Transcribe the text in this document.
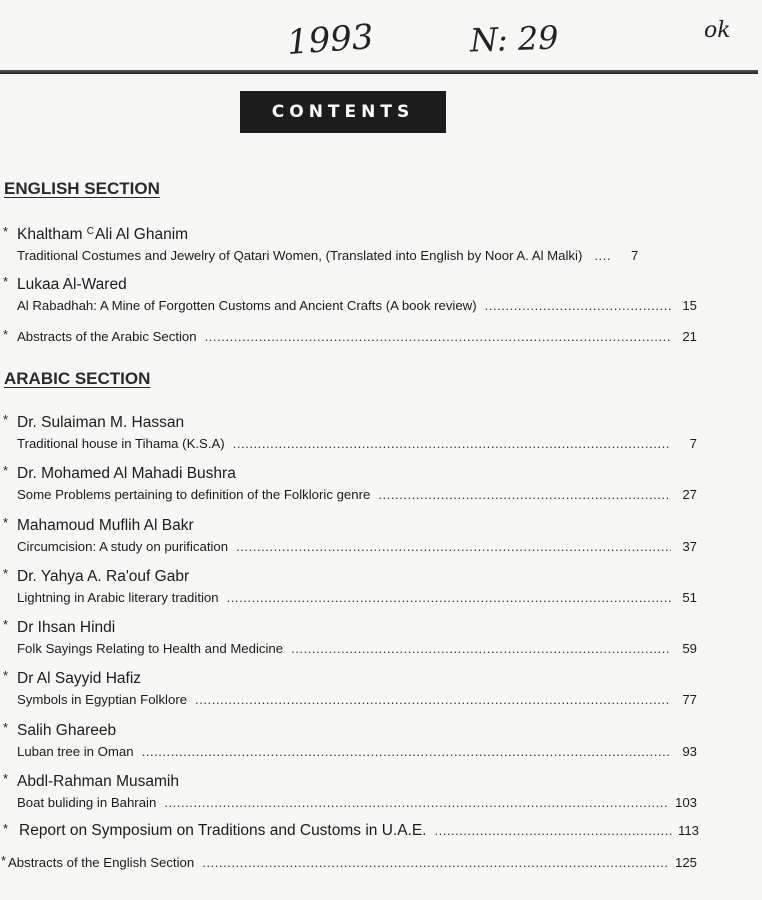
1993	N: 29	ok
CONTENTS
ENGLISH SECTION
* Khaltham $^C$Ali Al Ghanim
Traditional Costumes and Jewelry of Qatari Women, (Translated into English by Noor A. Al Malki) .....	7
* Lukaa Al-Wared
Al Rabadhah: A Mine of Forgotten Customs and Ancient Crafts (A book review) .....	15
* Abstracts of the Arabic Section .....	21
ARABIC SECTION
* Dr. Sulaiman M. Hassan
Traditional house in Tihama (K.S.A) .....	7
* Dr. Mohamed Al Mahadi Bushra
Some Problems pertaining to definition of the Folkloric genre .....	27
* Mahamoud Muflih Al Bakr
Circumcision: A study on purification .....	37
* Dr. Yahya A. Ra'ouf Gabr
Lightning in Arabic literary tradition .....	51
* Dr Ihsan Hindi
Folk Sayings Relating to Health and Medicine .....	59
* Dr Al Sayyid Hafiz
Symbols in Egyptian Folklore .....	77
* Salih Ghareeb
Luban tree in Oman .....	93
* Abdl-Rahman Musamih
Boat buliding in Bahrain .....	103
* Report on Symposium on Traditions and Customs in U.A.E. .....	113
* Abstracts of the English Section .....	125
